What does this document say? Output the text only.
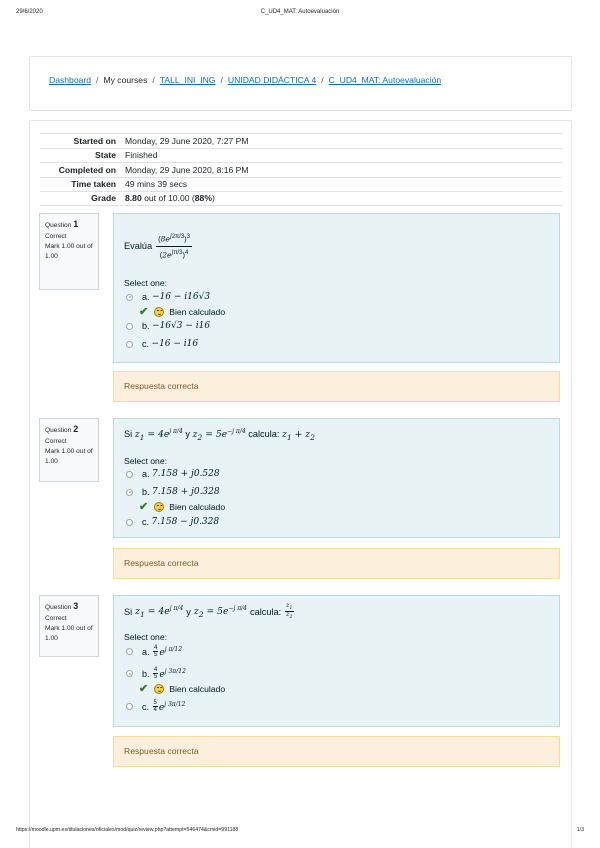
29/6/2020	C_UD4_MAT: Autoevaluación
Dashboard / My courses / TALL_INI_ING / UNIDAD DIDÁCTICA 4 / C_UD4_MAT: Autoevaluación
Started on	Monday, 29 June 2020, 7:27 PM
State	Finished
Completed on	Monday, 29 June 2020, 8:16 PM
Time taken	49 mins 39 secs
Grade	8.80 out of 10.00 (88%)
Question 1
Correct
Mark 1.00 out of 1.00
Evalúa $\frac{(8e^{j2\pi/3})^3}{(2e^{j\pi/3})^4}$
Select one:
a.
−16 − i16√3
✔ Bien calculado
b.
−16√3 − i16
c.
−16 − i16
Respuesta correcta
Question 2
Correct
Mark 1.00 out of 1.00
Si $z_1 = 4e^{j \pi/4}$ y $z_2 = 5e^{-j \pi/4}$ calcula: $z_1 + z_2$
Select one:
a.
7.158 + j0.528
b.
7.158 + j0.328
✔ Bien calculado
c.
7.158 − j0.328
Respuesta correcta
Question 3
Correct
Mark 1.00 out of 1.00
Si $z_1 = 4e^{j \pi/4}$ y $z_2 = 5e^{-j \pi/4}$ calcula: $\frac{z_1}{z_2}$
Select one:
a.
$\frac{4}{5} e^{j \pi/12}$
b.
$\frac{4}{5} e^{j 3\pi/12}$
✔ Bien calculado
c.
$\frac{5}{4} e^{j 3\pi/12}$
Respuesta correcta
https://moodle.upm.es/titulaciones/oficiales/mod/quiz/review.php?attempt=546474&cmid=991188	1/3
